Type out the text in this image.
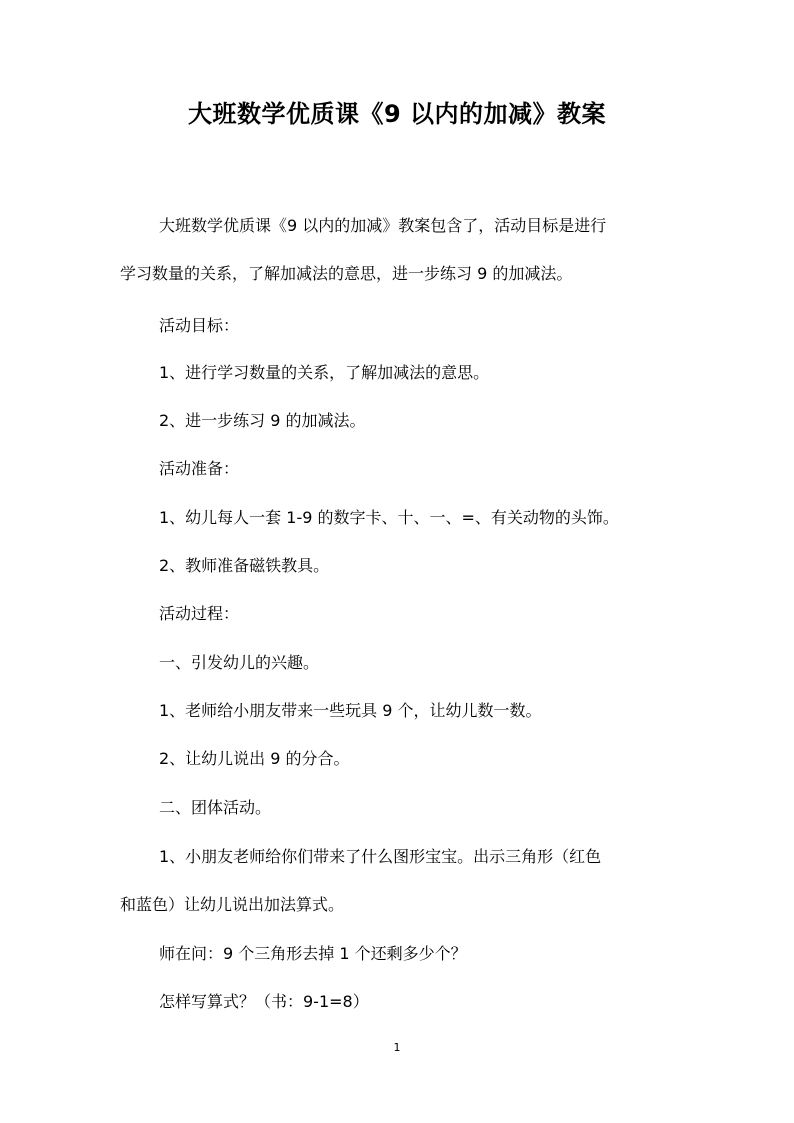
大班数学优质课《9 以内的加减》教案
大班数学优质课《9 以内的加减》教案包含了，活动目标是进行
学习数量的关系，了解加减法的意思，进一步练习 9 的加减法。
活动目标：
1、进行学习数量的关系，了解加减法的意思。
2、进一步练习 9 的加减法。
活动准备：
1、幼儿每人一套 1-9 的数字卡、十、一、=、有关动物的头饰。
2、教师准备磁铁教具。
活动过程：
一、引发幼儿的兴趣。
1、老师给小朋友带来一些玩具 9 个，让幼儿数一数。
2、让幼儿说出 9 的分合。
二、团体活动。
1、小朋友老师给你们带来了什么图形宝宝。出示三角形（红色
和蓝色）让幼儿说出加法算式。
师在问：9 个三角形去掉 1 个还剩多少个？
怎样写算式？（书：9-1=8）
1
